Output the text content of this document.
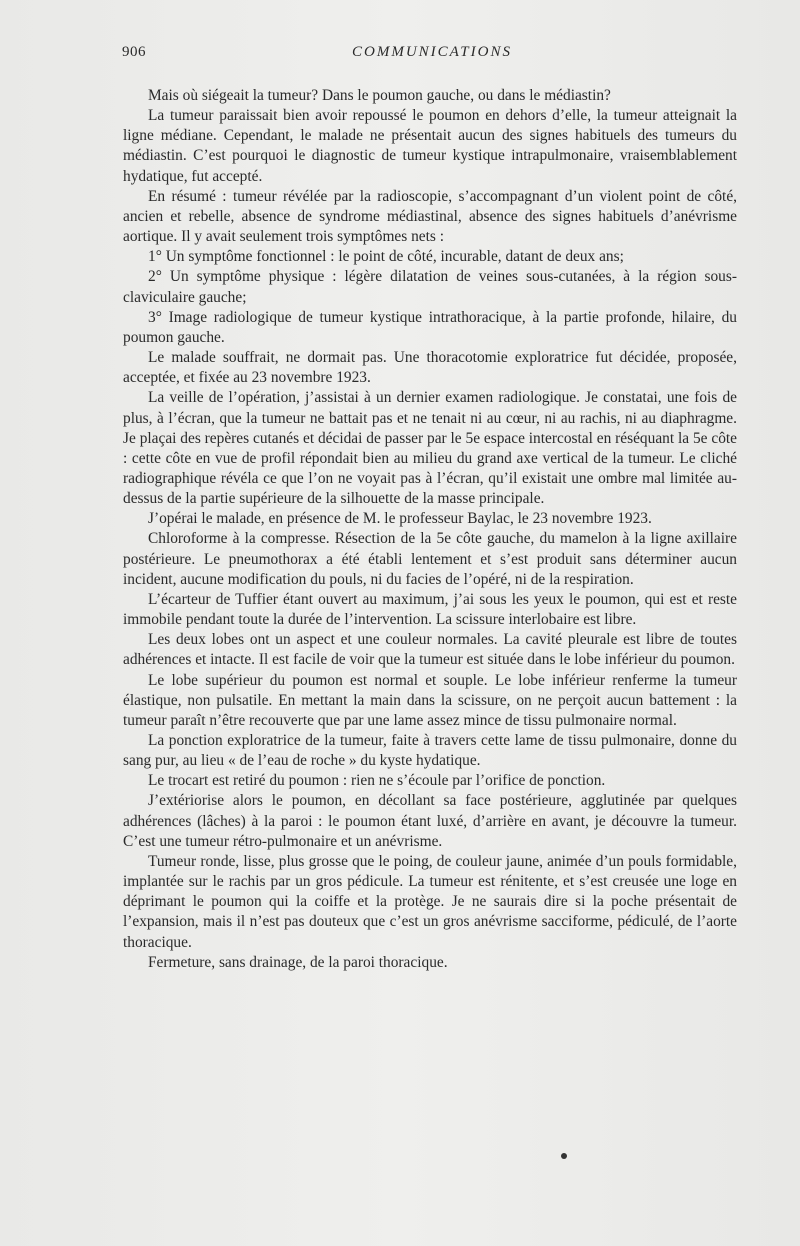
906	COMMUNICATIONS

Mais où siégeait la tumeur? Dans le poumon gauche, ou dans le médiastin?

La tumeur paraissait bien avoir repoussé le poumon en dehors d’elle, la tumeur atteignait la ligne médiane. Cependant, le malade ne présentait aucun des signes habituels des tumeurs du médiastin. C’est pourquoi le diagnostic de tumeur kystique intrapulmonaire, vraisemblablement hydatique, fut accepté.

En résumé : tumeur révélée par la radioscopie, s’accompagnant d’un violent point de côté, ancien et rebelle, absence de syndrome médiastinal, absence des signes habituels d’anévrisme aortique. Il y avait seulement trois symptômes nets :

1° Un symptôme fonctionnel : le point de côté, incurable, datant de deux ans;

2° Un symptôme physique : légère dilatation de veines sous-cutanées, à la région sous-claviculaire gauche;

3° Image radiologique de tumeur kystique intrathoracique, à la partie profonde, hilaire, du poumon gauche.

Le malade souffrait, ne dormait pas. Une thoracotomie exploratrice fut décidée, proposée, acceptée, et fixée au 23 novembre 1923.

La veille de l’opération, j’assistai à un dernier examen radiologique. Je constatai, une fois de plus, à l’écran, que la tumeur ne battait pas et ne tenait ni au cœur, ni au rachis, ni au diaphragme. Je plaçai des repères cutanés et décidai de passer par le 5e espace intercostal en réséquant la 5e côte : cette côte en vue de profil répondait bien au milieu du grand axe vertical de la tumeur. Le cliché radiographique révéla ce que l’on ne voyait pas à l’écran, qu’il existait une ombre mal limitée au-dessus de la partie supérieure de la silhouette de la masse principale.

J’opérai le malade, en présence de M. le professeur Baylac, le 23 novembre 1923.

Chloroforme à la compresse. Résection de la 5e côte gauche, du mamelon à la ligne axillaire postérieure. Le pneumothorax a été établi lentement et s’est produit sans déterminer aucun incident, aucune modification du pouls, ni du facies de l’opéré, ni de la respiration.

L’écarteur de Tuffier étant ouvert au maximum, j’ai sous les yeux le poumon, qui est et reste immobile pendant toute la durée de l’intervention. La scissure interlobaire est libre.

Les deux lobes ont un aspect et une couleur normales. La cavité pleurale est libre de toutes adhérences et intacte. Il est facile de voir que la tumeur est située dans le lobe inférieur du poumon.

Le lobe supérieur du poumon est normal et souple. Le lobe inférieur renferme la tumeur élastique, non pulsatile. En mettant la main dans la scissure, on ne perçoit aucun battement : la tumeur paraît n’être recouverte que par une lame assez mince de tissu pulmonaire normal.

La ponction exploratrice de la tumeur, faite à travers cette lame de tissu pulmonaire, donne du sang pur, au lieu « de l’eau de roche » du kyste hydatique.

Le trocart est retiré du poumon : rien ne s’écoule par l’orifice de ponction.

J’extériorise alors le poumon, en décollant sa face postérieure, agglutinée par quelques adhérences (lâches) à la paroi : le poumon étant luxé, d’arrière en avant, je découvre la tumeur. C’est une tumeur rétro-pulmonaire et un anévrisme.

Tumeur ronde, lisse, plus grosse que le poing, de couleur jaune, animée d’un pouls formidable, implantée sur le rachis par un gros pédicule. La tumeur est rénitente, et s’est creusée une loge en déprimant le poumon qui la coiffe et la protège. Je ne saurais dire si la poche présentait de l’expansion, mais il n’est pas douteux que c’est un gros anévrisme sacciforme, pédiculé, de l’aorte thoracique.

Fermeture, sans drainage, de la paroi thoracique.
